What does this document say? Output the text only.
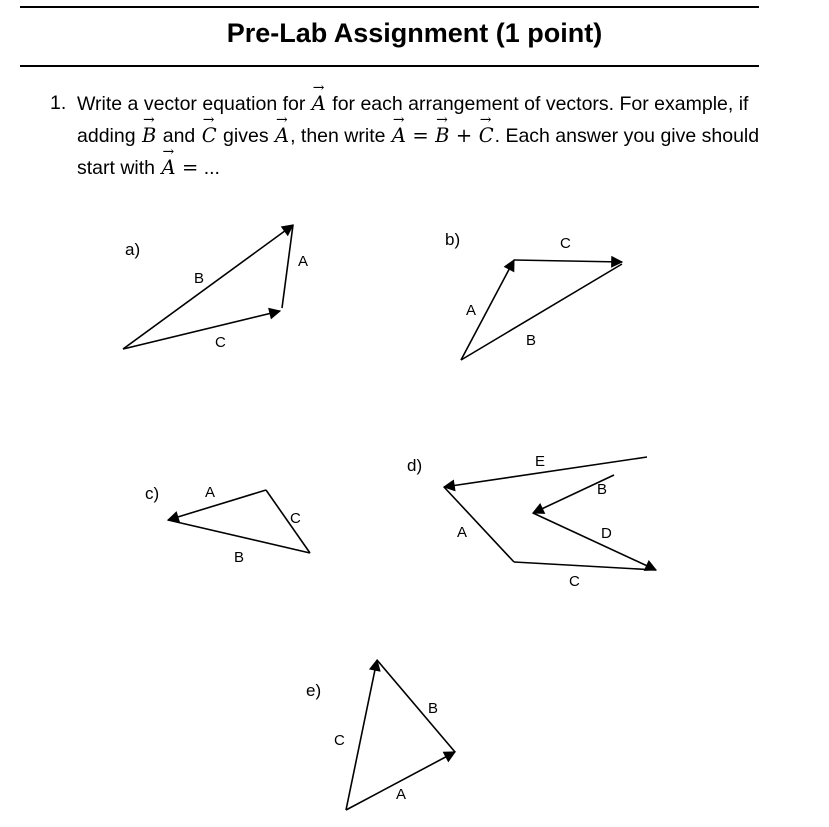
Pre-Lab Assignment (1 point)
1. Write a vector equation for → A for each arrangement of vectors. For example, if adding → B and → C gives → A, then write → A = → B + → C. Each answer you give should start with → A = ...
a)
B
C
A
b)	C
A
B
c)	A
B
C
d)	E
B
A	D
C
e)
C
B
A
